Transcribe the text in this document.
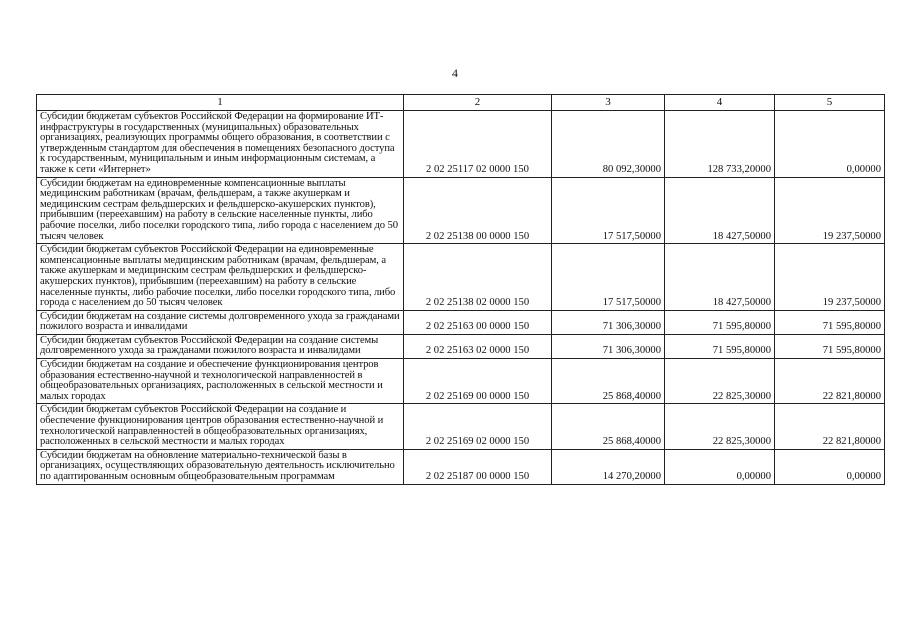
4
1	2	3	4	5
Субсидии бюджетам субъектов Российской Федерации на формирование ИТ-инфраструктуры в государственных (муниципальных) образовательных организациях, реализующих программы общего образования, в соответствии с утвержденным стандартом для обеспечения в помещениях безопасного доступа к государственным, муниципальным и иным информационным системам, а также к сети «Интернет»	2 02 25117 02 0000 150	80 092,30000	128 733,20000	0,00000
Субсидии бюджетам на единовременные компенсационные выплаты медицинским работникам (врачам, фельдшерам, а также акушеркам и медицинским сестрам фельдшерских и фельдшерско-акушерских пунктов), прибывшим (переехавшим) на работу в сельские населенные пункты, либо рабочие поселки, либо поселки городского типа, либо города с населением до 50 тысяч человек	2 02 25138 00 0000 150	17 517,50000	18 427,50000	19 237,50000
Субсидии бюджетам субъектов Российской Федерации на единовременные компенсационные выплаты медицинским работникам (врачам, фельдшерам, а также акушеркам и медицинским сестрам фельдшерских и фельдшерско-акушерских пунктов), прибывшим (переехавшим) на работу в сельские населенные пункты, либо рабочие поселки, либо поселки городского типа, либо города с населением до 50 тысяч человек	2 02 25138 02 0000 150	17 517,50000	18 427,50000	19 237,50000
Субсидии бюджетам на создание системы долговременного ухода за гражданами пожилого возраста и инвалидами	2 02 25163 00 0000 150	71 306,30000	71 595,80000	71 595,80000
Субсидии бюджетам субъектов Российской Федерации на создание системы долговременного ухода за гражданами пожилого возраста и инвалидами	2 02 25163 02 0000 150	71 306,30000	71 595,80000	71 595,80000
Субсидии бюджетам на создание и обеспечение функционирования центров образования естественно-научной и технологической направленностей в общеобразовательных организациях, расположенных в сельской местности и малых городах	2 02 25169 00 0000 150	25 868,40000	22 825,30000	22 821,80000
Субсидии бюджетам субъектов Российской Федерации на создание и обеспечение функционирования центров образования естественно-научной и технологической направленностей в общеобразовательных организациях, расположенных в сельской местности и малых городах	2 02 25169 02 0000 150	25 868,40000	22 825,30000	22 821,80000
Субсидии бюджетам на обновление материально-технической базы в организациях, осуществляющих образовательную деятельность исключительно по адаптированным основным общеобразовательным программам	2 02 25187 00 0000 150	14 270,20000	0,00000	0,00000
